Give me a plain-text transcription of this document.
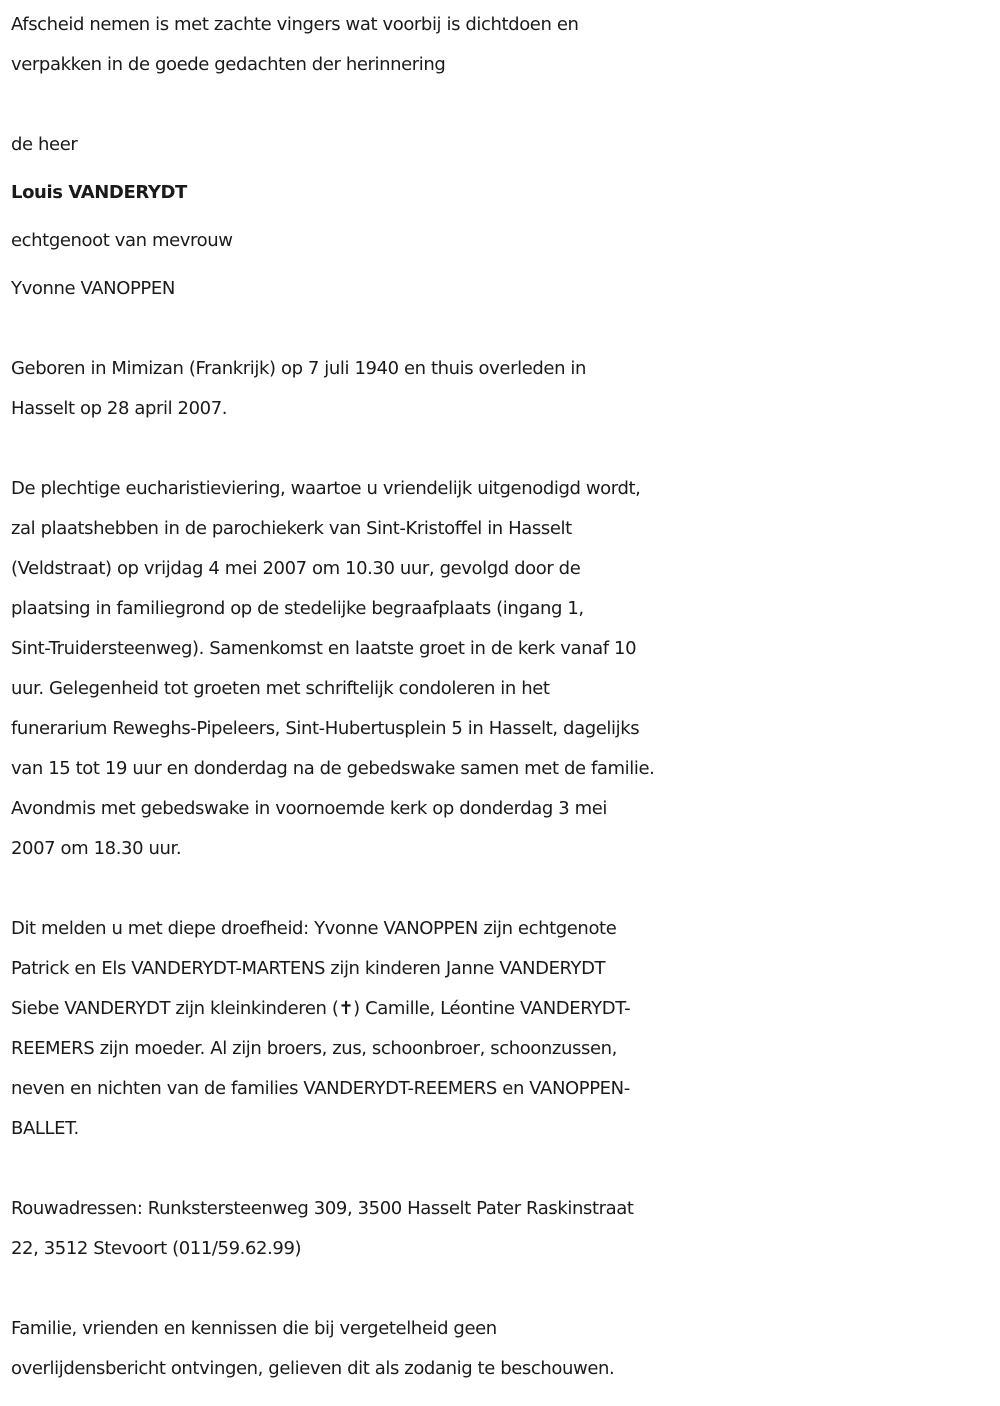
Afscheid nemen is met zachte vingers wat voorbij is dichtdoen en
verpakken in de goede gedachten der herinnering
de heer
Louis VANDERYDT
echtgenoot van mevrouw
Yvonne VANOPPEN
Geboren in Mimizan (Frankrijk) op 7 juli 1940 en thuis overleden in
Hasselt op 28 april 2007.
De plechtige eucharistieviering, waartoe u vriendelijk uitgenodigd wordt,
zal plaatshebben in de parochiekerk van Sint-Kristoffel in Hasselt
(Veldstraat) op vrijdag 4 mei 2007 om 10.30 uur, gevolgd door de
plaatsing in familiegrond op de stedelijke begraafplaats (ingang 1,
Sint-Truidersteenweg). Samenkomst en laatste groet in de kerk vanaf 10
uur. Gelegenheid tot groeten met schriftelijk condoleren in het
funerarium Reweghs-Pipeleers, Sint-Hubertusplein 5 in Hasselt, dagelijks
van 15 tot 19 uur en donderdag na de gebedswake samen met de familie.
Avondmis met gebedswake in voornoemde kerk op donderdag 3 mei
2007 om 18.30 uur.
Dit melden u met diepe droefheid: Yvonne VANOPPEN zijn echtgenote
Patrick en Els VANDERYDT-MARTENS zijn kinderen Janne VANDERYDT
Siebe VANDERYDT zijn kleinkinderen (✝) Camille, Léontine VANDERYDT-
REEMERS zijn moeder. Al zijn broers, zus, schoonbroer, schoonzussen,
neven en nichten van de families VANDERYDT-REEMERS en VANOPPEN-
BALLET.
Rouwadressen: Runkstersteenweg 309, 3500 Hasselt Pater Raskinstraat
22, 3512 Stevoort (011/59.62.99)
Familie, vrienden en kennissen die bij vergetelheid geen
overlijdensbericht ontvingen, gelieven dit als zodanig te beschouwen.
